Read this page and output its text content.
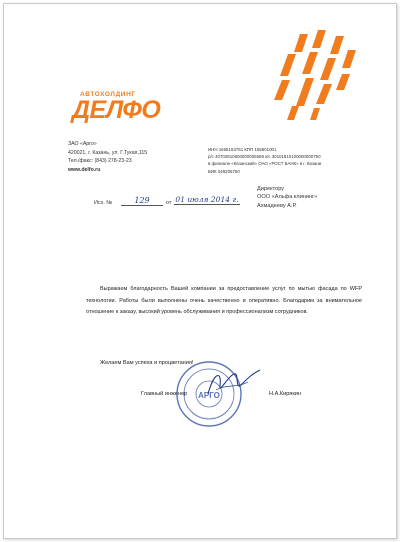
АВТОХОЛДИНГ
ДЕЛФО
ЗАО «Арго»
420021, г. Казань, ул. Г.Тукая,115
Тел./факс: (843) 278-23-23
www.delfo.ru
ИНН 1655153761 КПП 165501001
р/с 40702810600000005569 к/с 30101810100000000750
в филиале «Казанский» ОАО «РОСТ БАНК» в г. Казани
БИК 049205750
Исх. №	129	от 01 июля 2014 г.
Директору
ООО «Альфа клининг»
Ахмадееву А.Р.

Выражаем благодарность Вашей компании за предоставление услуг по мытью фасада по WFP технологии. Работы были выполнены очень качественно и оперативно. Благодарим за внимательное отношение к заказу, высокий уровень обслуживания и профессионализм сотрудников.

Желаем Вам успеха и процветания!
АРГО
Главный инженер	Н.А.Кирякин
